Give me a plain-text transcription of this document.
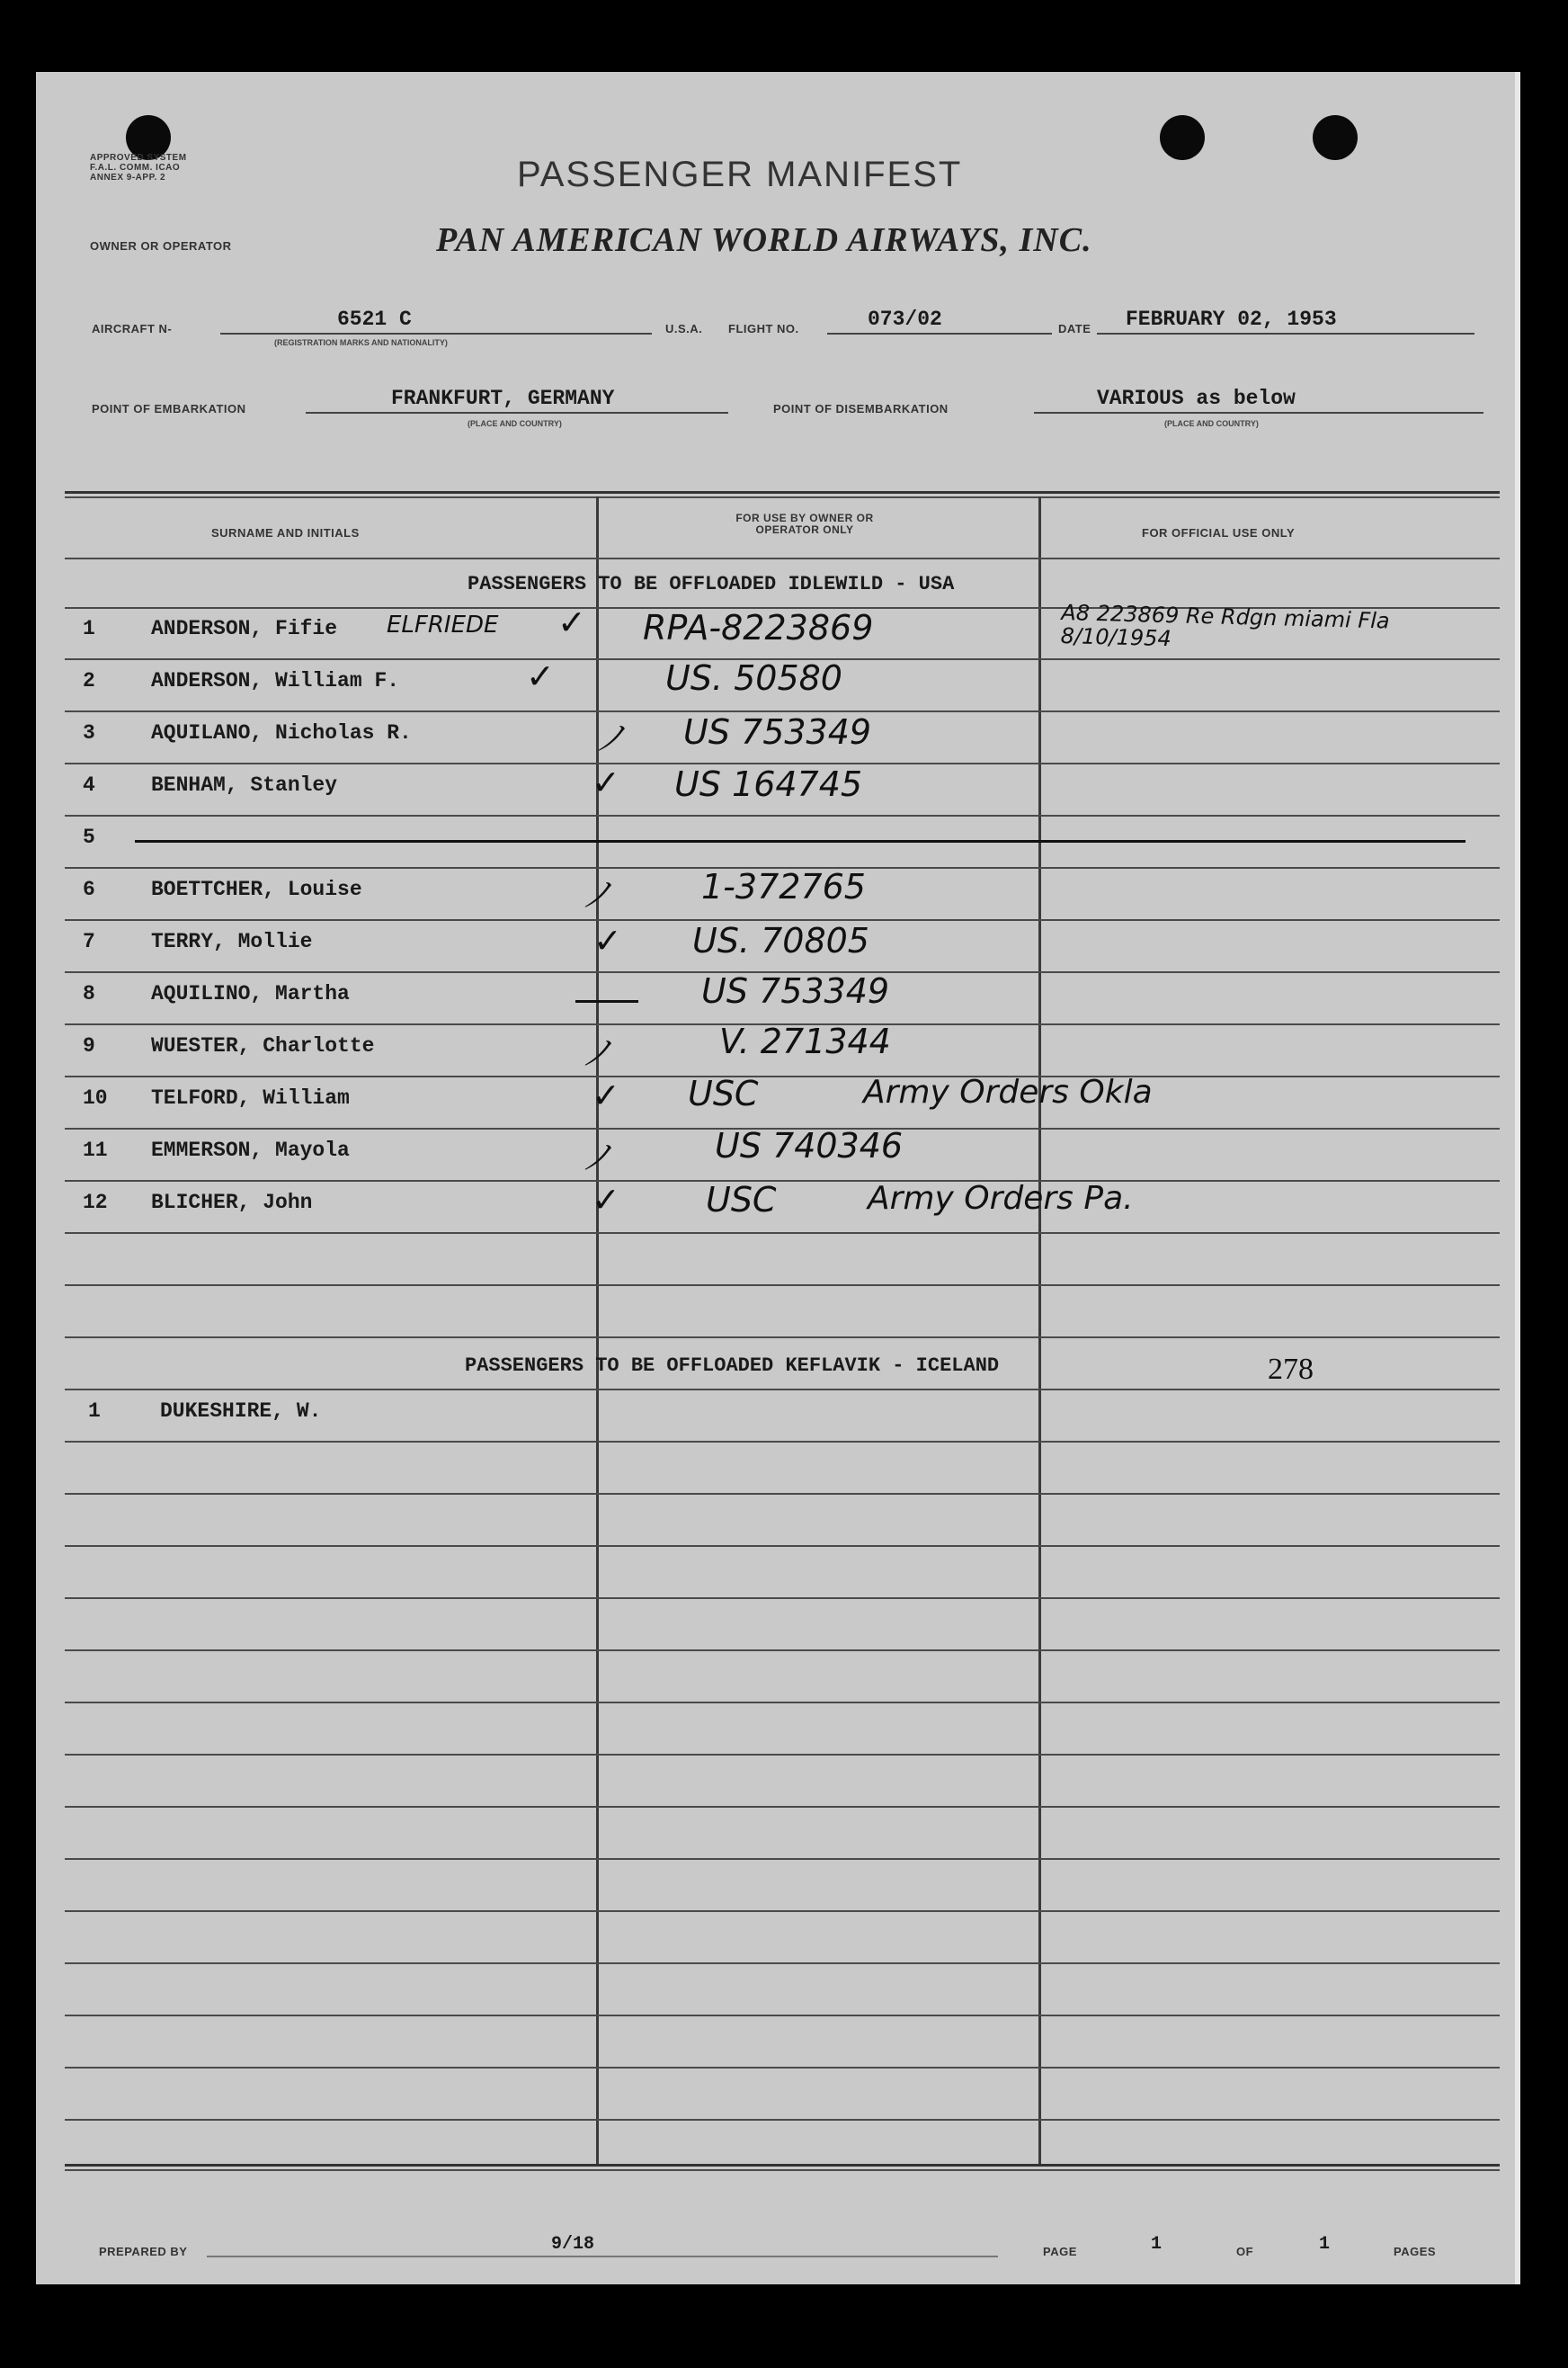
APPROVED SYSTEM F.A.L. COMM. ICAO ANNEX 9-APP. 2	PASSENGER MANIFEST
OWNER OR OPERATOR	PAN AMERICAN WORLD AIRWAYS, INC.
AIRCRAFT N-	6521 C
(REGISTRATION MARKS AND NATIONALITY)
U.S.A. FLIGHT NO.	073/02	DATE FEBRUARY 02, 1953
POINT OF EMBARKATION	FRANKFURT, GERMANY
(PLACE AND COUNTRY)
POINT OF DISEMBARKATION	VARIOUS as below
(PLACE AND COUNTRY)
SURNAME AND INITIALS
FOR USE BY OWNER OR OPERATOR ONLY	FOR OFFICIAL USE ONLY
PASSENGERS TO BE OFFLOADED IDLEWILD - USA
1	ANDERSON, Fifie ELFRIEDE ✓ RPA-8223869	A8 223869 Re Rdgn miami Fla 8/10/1954
2	ANDERSON, William F.	✓	US. 50580
3	AQUILANO, Nicholas R.	ノ US 753349
4	BENHAM, Stanley	✓ US 164745
5
6	BOETTCHER, Louise	ノ	1-372765
7	TERRY, Mollie	✓ US. 70805
8	AQUILINO, Martha	US 753349
9	WUESTER, Charlotte	ノ	V. 271344
10 TELFORD, William	✓ USC	Army Orders Okla
11 EMMERSON, Mayola	ノ	US 740346
12 BLICHER, John	✓	USC	Army Orders Pa.
PASSENGERS TO BE OFFLOADED KEFLAVIK - ICELAND	278
1	DUKESHIRE, W.
PREPARED BY	9/18	PAGE	1	OF	1	PAGES
